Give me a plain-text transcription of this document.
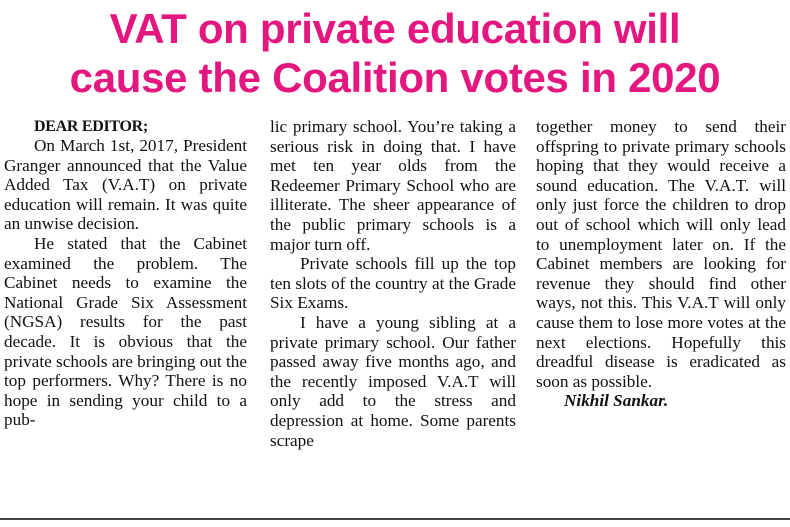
VAT on private education will
cause the Coalition votes in 2020

DEAR EDITOR;

On March 1st, 2017, President Granger announced that the Value Added Tax (V.A.T) on private education will remain. It was quite an unwise decision.

He stated that the Cabinet examined the problem. The Cabinet needs to examine the National Grade Six Assessment (NGSA) results for the past decade. It is obvious that the private schools are bringing out the top performers. Why? There is no hope in sending your child to a pub-

lic primary school. You’re taking a serious risk in doing that. I have met ten year olds from the Redeemer Primary School who are illiterate. The sheer appearance of the public primary schools is a major turn off.

Private schools fill up the top ten slots of the country at the Grade Six Exams.

I have a young sibling at a private primary school. Our father passed away five months ago, and the recently imposed V.A.T will only add to the stress and depression at home. Some parents scrape

together money to send their offspring to private primary schools hoping that they would receive a sound education. The V.A.T. will only just force the children to drop out of school which will only lead to unemployment later on. If the Cabinet members are looking for revenue they should find other ways, not this. This V.A.T will only cause them to lose more votes at the next elections. Hopefully this dreadful disease is eradicated as soon as possible.

Nikhil Sankar.
